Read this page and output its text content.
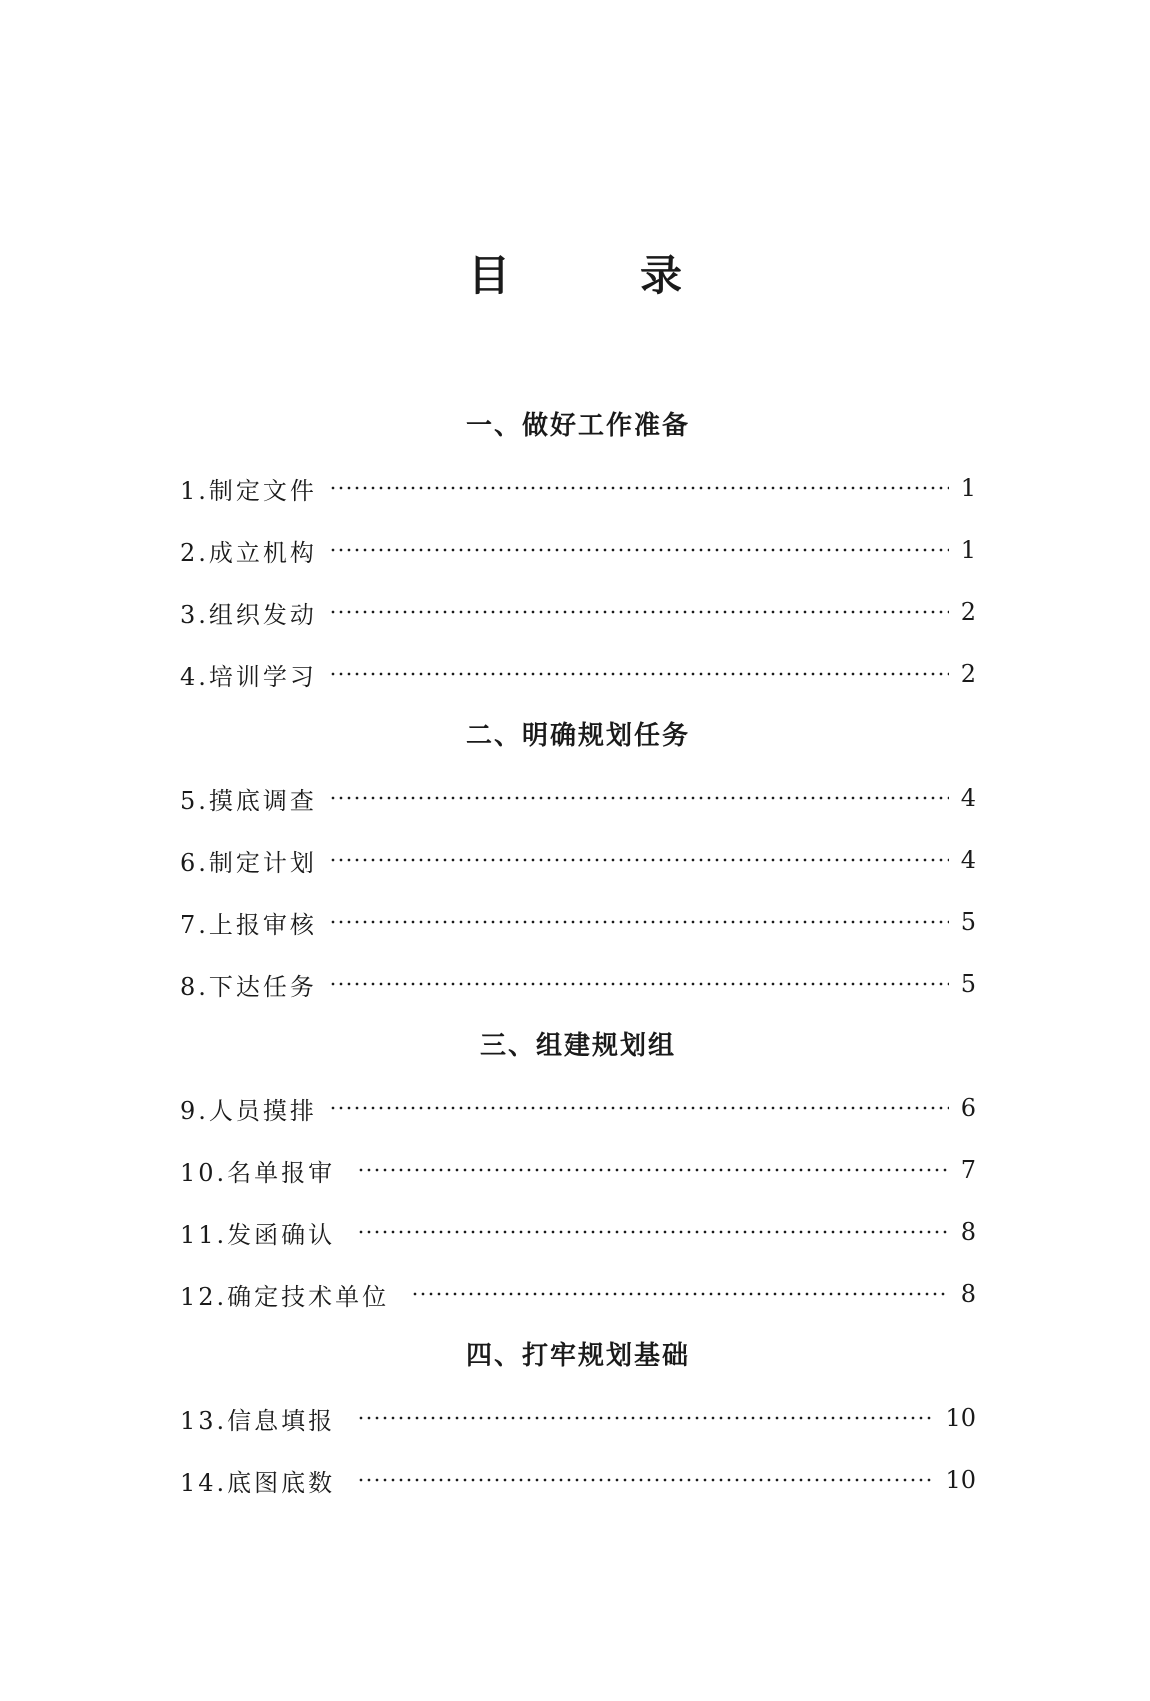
目　录
一、做好工作准备
1.制定文件	1
2.成立机构	1
3.组织发动	2
4.培训学习	2
二、明确规划任务
5.摸底调查	4
6.制定计划	4
7.上报审核	5
8.下达任务	5
三、组建规划组
9.人员摸排	6
10.名单报审	7
11.发函确认	8
12.确定技术单位	8
四、打牢规划基础
13.信息填报	10
14.底图底数	10
